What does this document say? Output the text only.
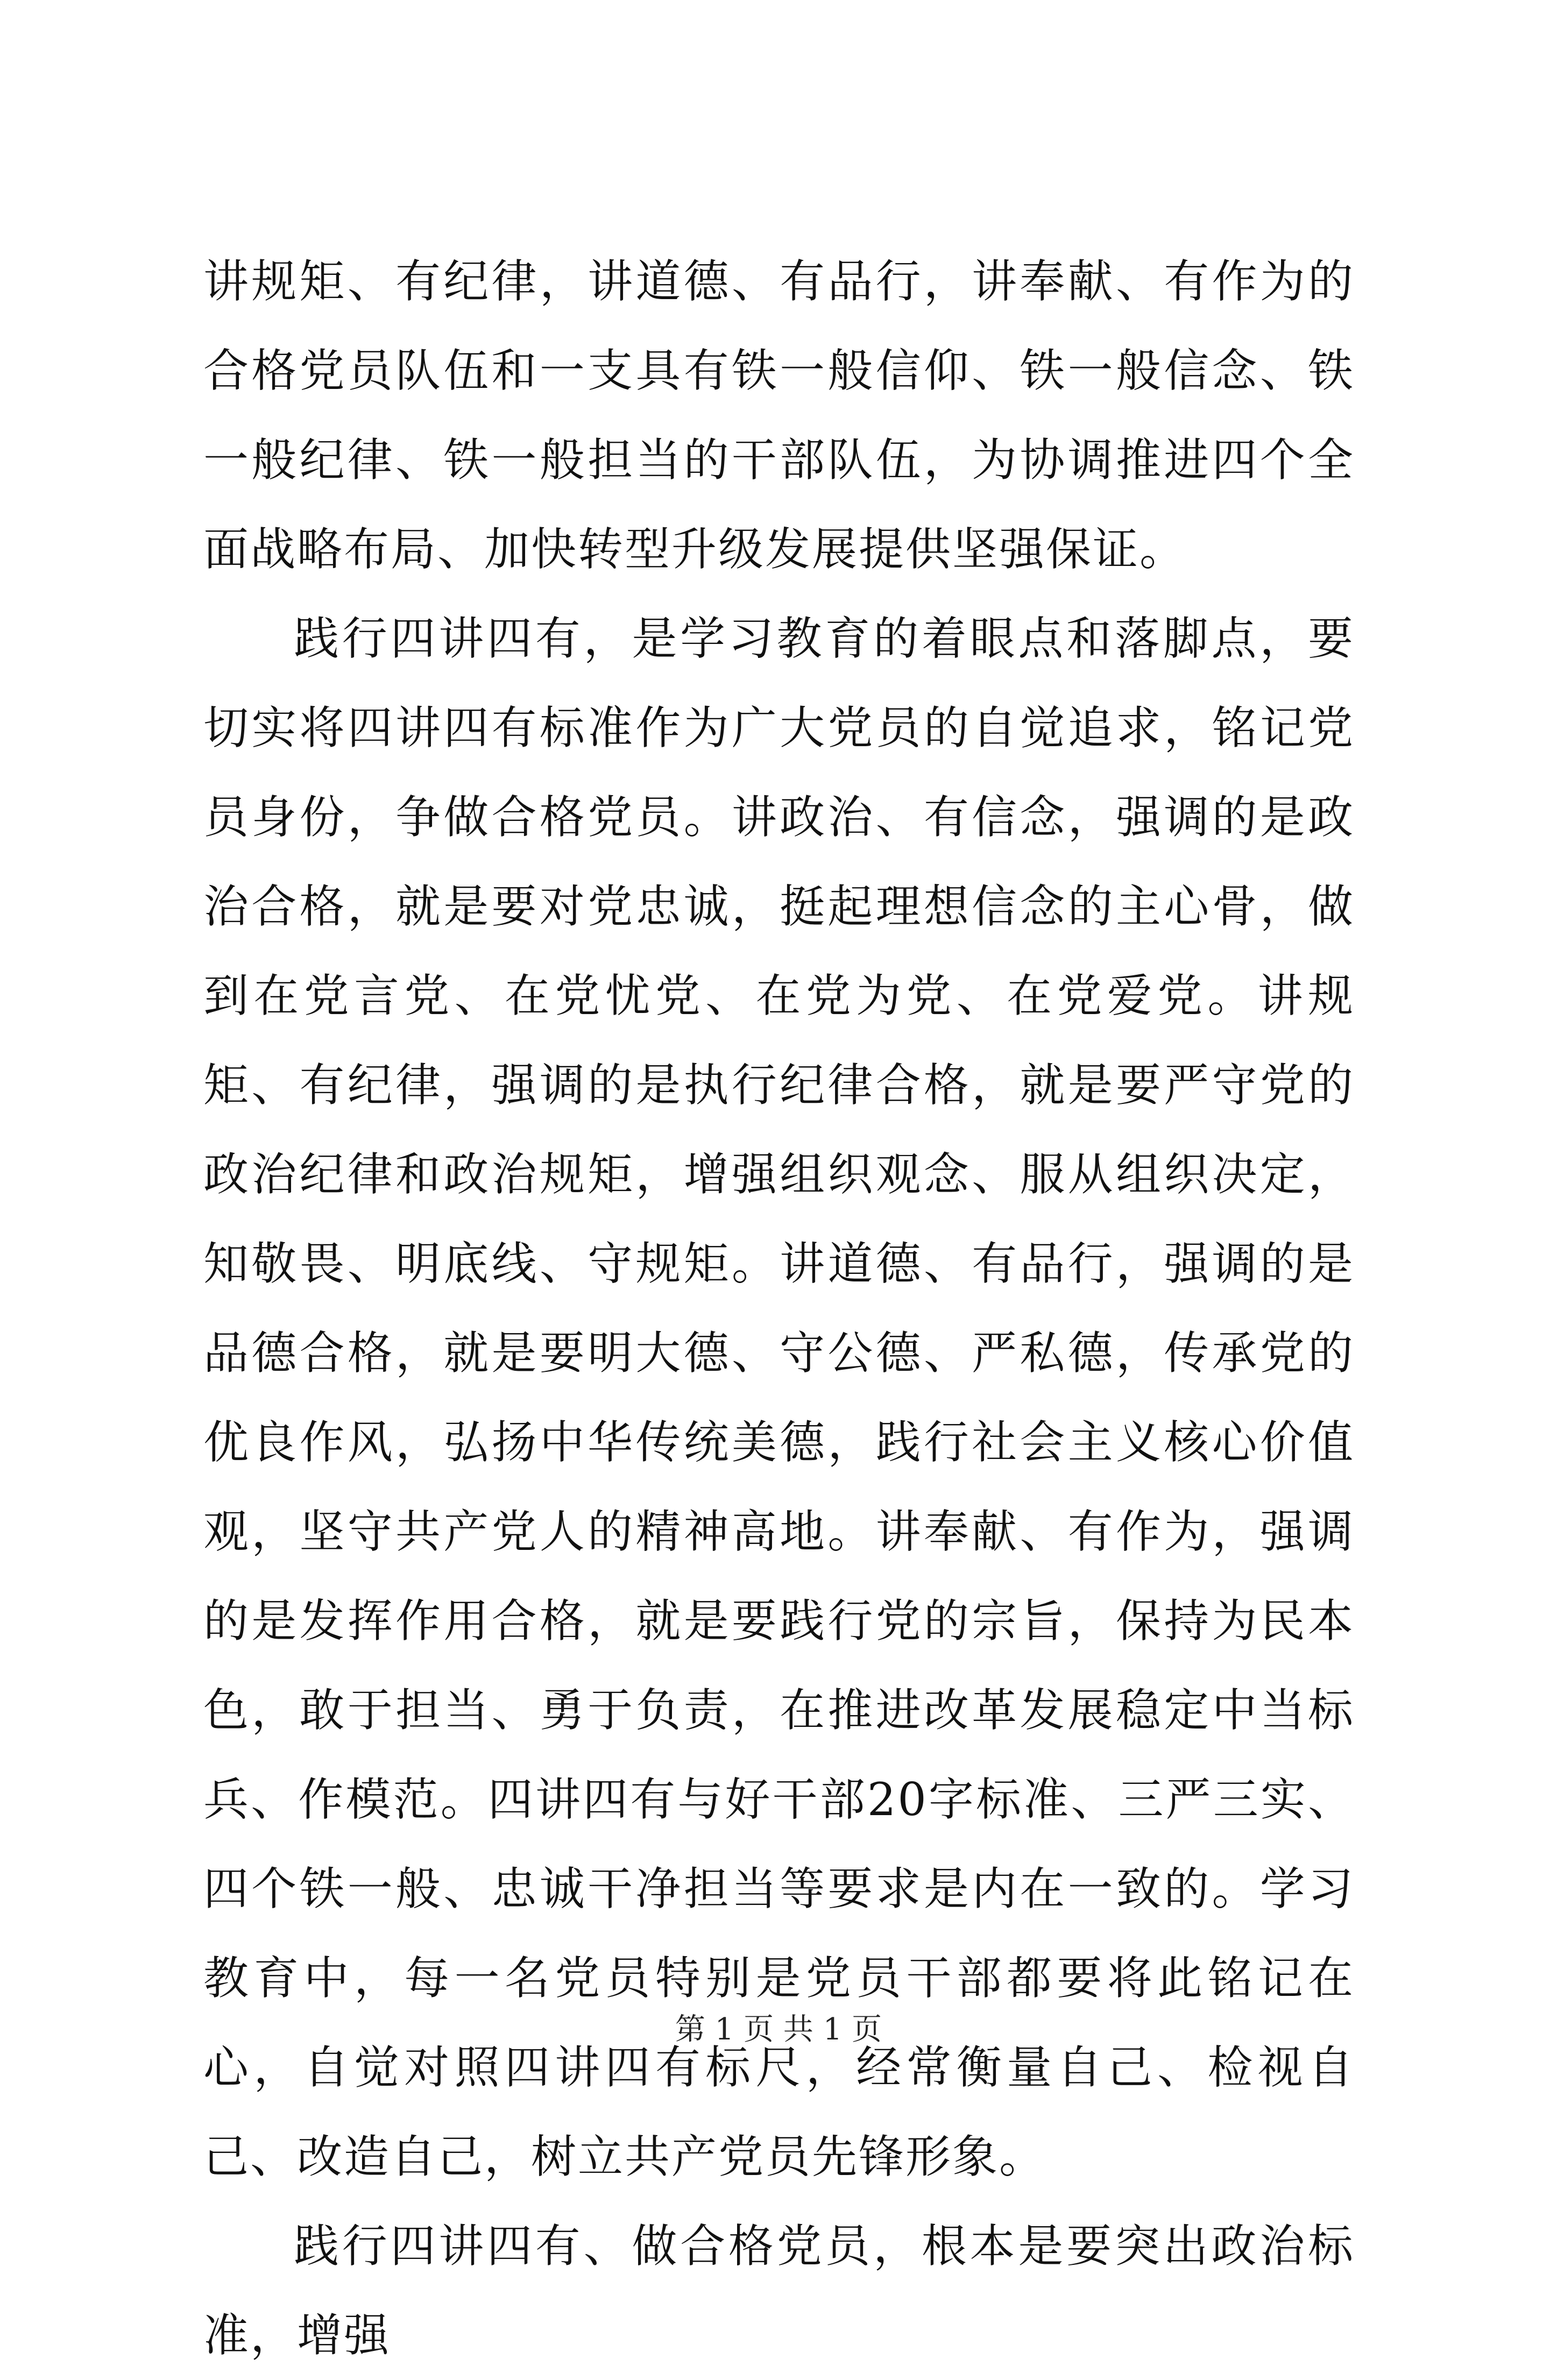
讲规矩、有纪律，讲道德、有品行，讲奉献、有作为的合格党员队伍和一支具有铁一般信仰、铁一般信念、铁一般纪律、铁一般担当的干部队伍，为协调推进四个全面战略布局、加快转型升级发展提供坚强保证。

践行四讲四有，是学习教育的着眼点和落脚点，要切实将四讲四有标准作为广大党员的自觉追求，铭记党员身份，争做合格党员。讲政治、有信念，强调的是政治合格，就是要对党忠诚，挺起理想信念的主心骨，做到在党言党、在党忧党、在党为党、在党爱党。讲规矩、有纪律，强调的是执行纪律合格，就是要严守党的政治纪律和政治规矩，增强组织观念、服从组织决定，知敬畏、明底线、守规矩。讲道德、有品行，强调的是品德合格，就是要明大德、守公德、严私德，传承党的优良作风，弘扬中华传统美德，践行社会主义核心价值观，坚守共产党人的精神高地。讲奉献、有作为，强调的是发挥作用合格，就是要践行党的宗旨，保持为民本色，敢于担当、勇于负责，在推进改革发展稳定中当标兵、作模范。四讲四有与好干部20字标准、三严三实、四个铁一般、忠诚干净担当等要求是内在一致的。学习教育中，每一名党员特别是党员干部都要将此铭记在心，自觉对照四讲四有标尺，经常衡量自己、检视自己、改造自己，树立共产党员先锋形象。

践行四讲四有、做合格党员，根本是要突出政治标准，增强

第 1 页 共 1 页
